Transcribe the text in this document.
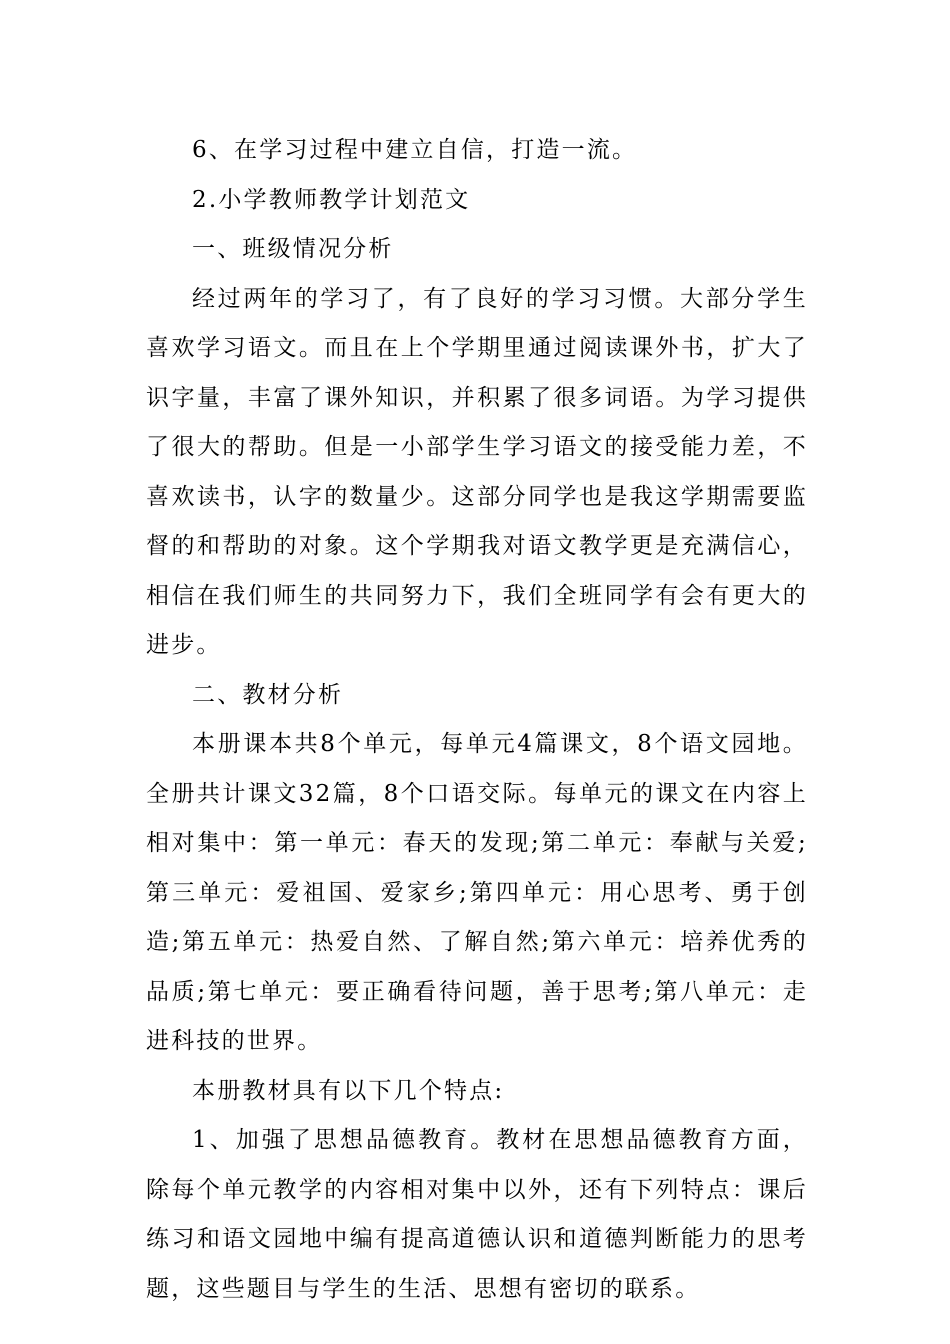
6、在学习过程中建立自信，打造一流。

2.小学教师教学计划范文

一、班级情况分析

经过两年的学习了，有了良好的学习习惯。大部分学生喜欢学习语文。而且在上个学期里通过阅读课外书，扩大了识字量，丰富了课外知识，并积累了很多词语。为学习提供了很大的帮助。但是一小部学生学习语文的接受能力差，不喜欢读书，认字的数量少。这部分同学也是我这学期需要监督的和帮助的对象。这个学期我对语文教学更是充满信心，相信在我们师生的共同努力下，我们全班同学有会有更大的进步。

二、教材分析

本册课本共8个单元，每单元4篇课文，8个语文园地。全册共计课文32篇，8个口语交际。每单元的课文在内容上相对集中：第一单元：春天的发现;第二单元：奉献与关爱;第三单元：爱祖国、爱家乡;第四单元：用心思考、勇于创造;第五单元：热爱自然、了解自然;第六单元：培养优秀的品质;第七单元：要正确看待问题，善于思考;第八单元：走进科技的世界。

本册教材具有以下几个特点:

1、加强了思想品德教育。教材在思想品德教育方面，除每个单元教学的内容相对集中以外，还有下列特点：课后练习和语文园地中编有提高道德认识和道德判断能力的思考题，这些题目与学生的生活、思想有密切的联系。
